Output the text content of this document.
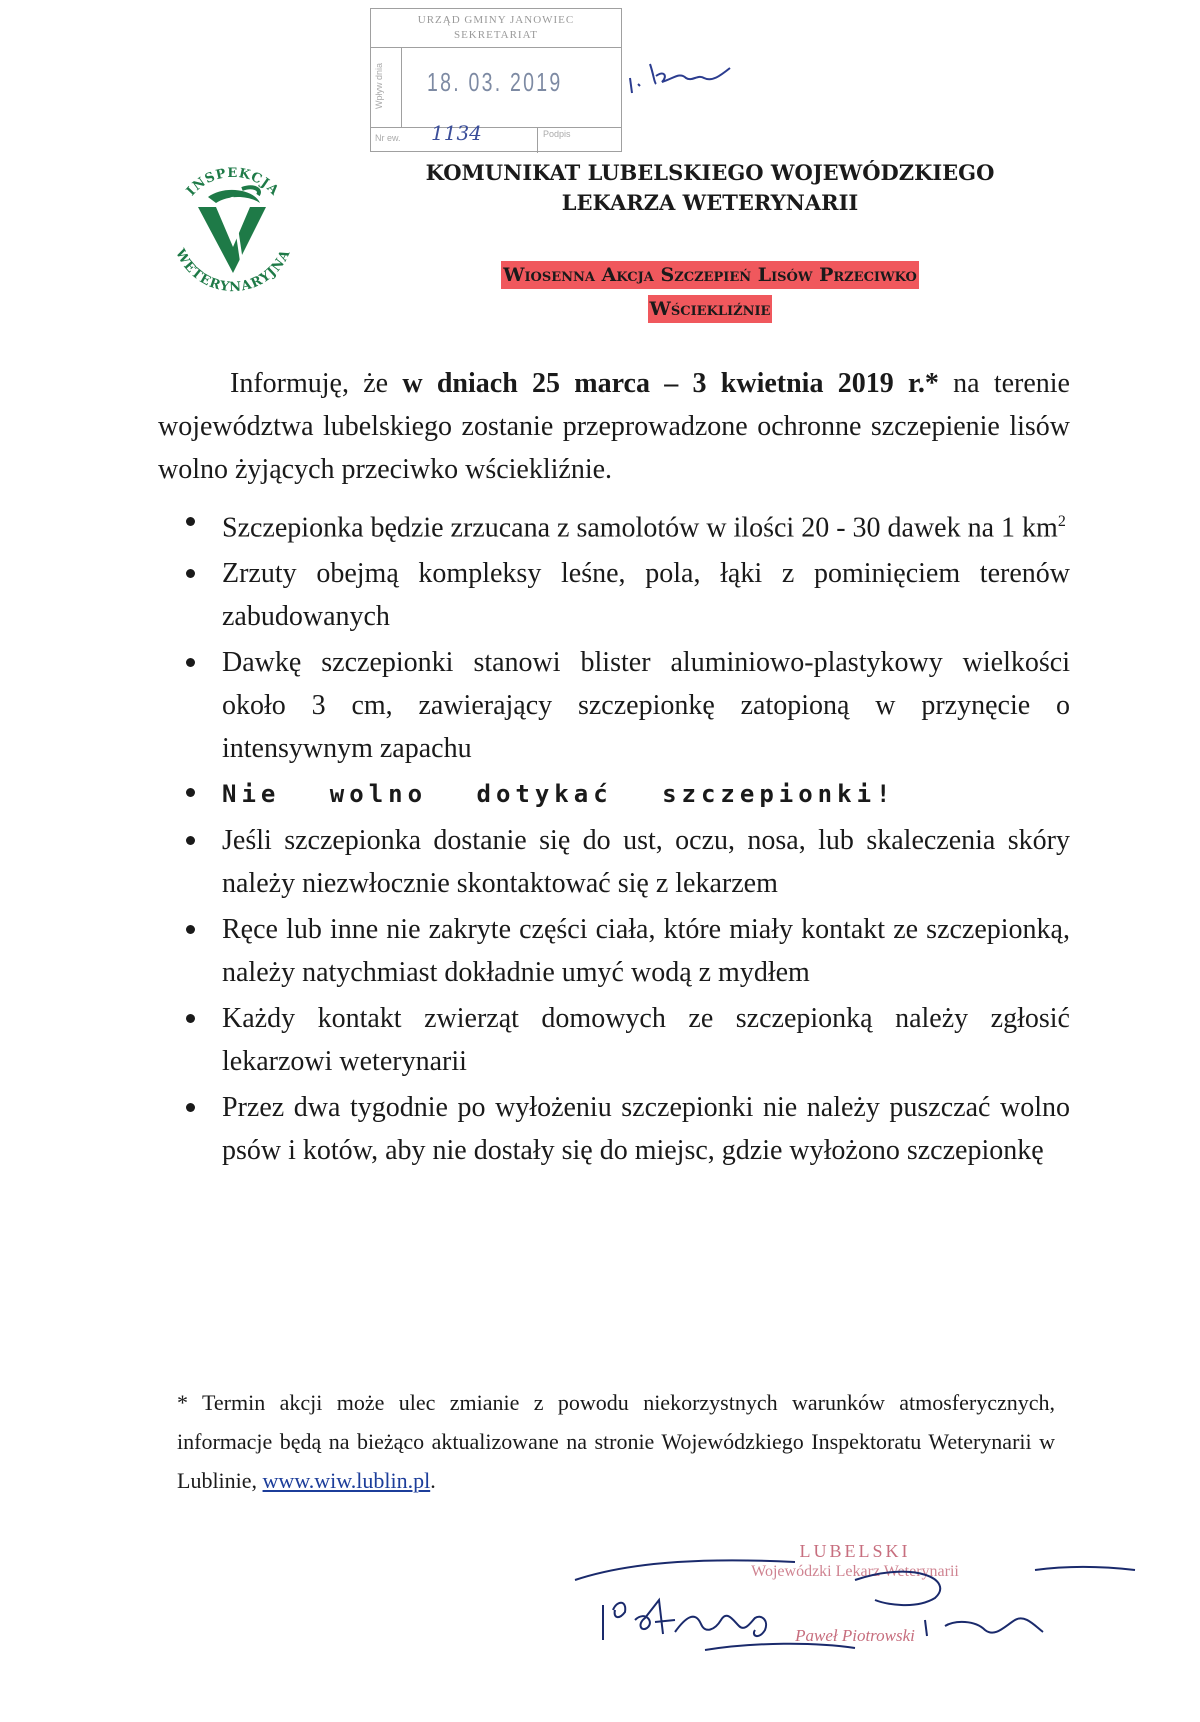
URZĄD GMINY JANOWIEC
SEKRETARIAT
Wpływ dnia 18. 03. 2019
Nr ew. 1134	Podpis
INSPEKCJA
WETERYNARYJNA
KOMUNIKAT LUBELSKIEGO WOJEWÓDZKIEGO
LEKARZA WETERYNARII
Wiosenna Akcja Szczepień Lisów Przeciwko
Wściekliźnie

Informuję, że w dniach 25 marca – 3 kwietnia 2019 r.* na terenie województwa lubelskiego zostanie przeprowadzone ochronne szczepienie lisów wolno żyjących przeciwko wściekliźnie.

Szczepionka będzie zrzucana z samolotów w ilości 20 - 30 dawek na 1 $km^2$
Zrzuty obejmą kompleksy leśne, pola, łąki z pominięciem terenów zabudowanych
Dawkę szczepionki stanowi blister aluminiowo-plastykowy wielkości około 3 cm, zawierający szczepionkę zatopioną w przynęcie o intensywnym zapachu
Nie wolno dotykać szczepionki!
Jeśli szczepionka dostanie się do ust, oczu, nosa, lub skaleczenia skóry należy niezwłocznie skontaktować się z lekarzem
Ręce lub inne nie zakryte części ciała, które miały kontakt ze szczepionką, należy natychmiast dokładnie umyć wodą z mydłem
Każdy kontakt zwierząt domowych ze szczepionką należy zgłosić lekarzowi weterynarii
Przez dwa tygodnie po wyłożeniu szczepionki nie należy puszczać wolno psów i kotów, aby nie dostały się do miejsc, gdzie wyłożono szczepionkę

* Termin akcji może ulec zmianie z powodu niekorzystnych warunków atmosferycznych, informacje będą na bieżąco aktualizowane na stronie Wojewódzkiego Inspektoratu Weterynarii w Lublinie, www.wiw.lublin.pl.

LUBELSKI
Wojewódzki Lekarz Weterynarii
Paweł Piotrowski
